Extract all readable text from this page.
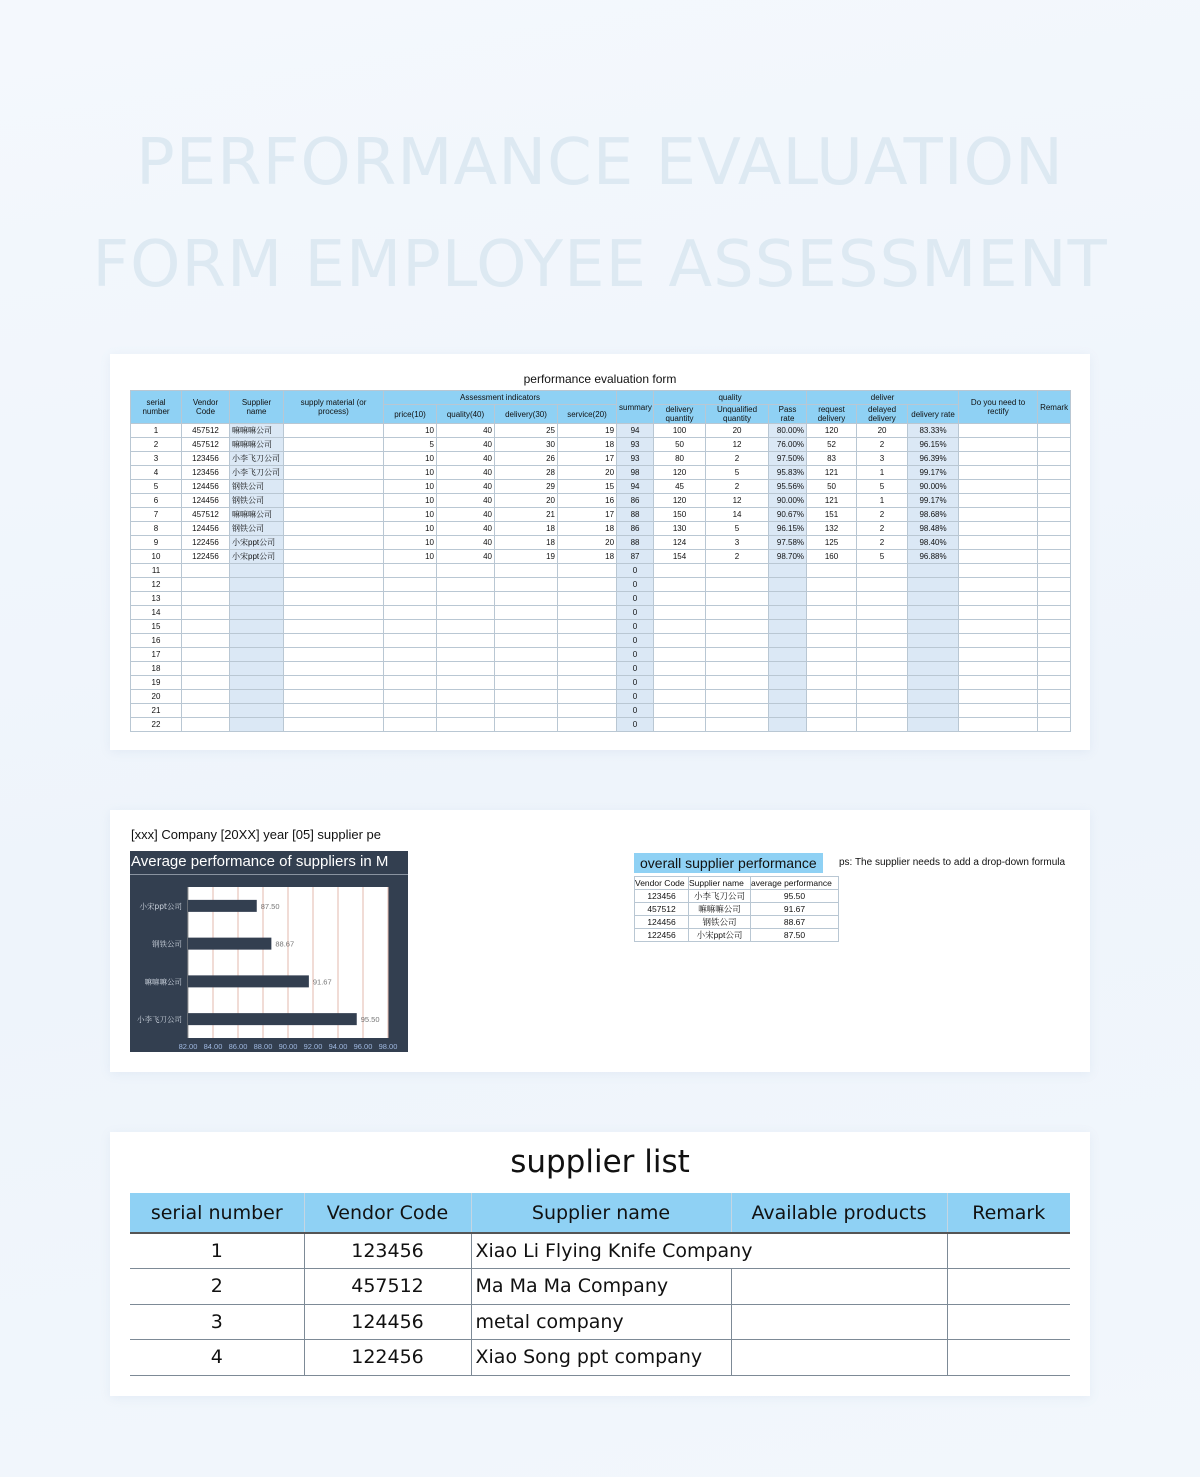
PERFORMANCE EVALUATION
FORM EMPLOYEE ASSESSMENT
performance evaluation form
serial number	Vendor Code	Supplier name	supply material (or process)	Assessment indicators				summary	quality			deliver			Do you need to rectify	Remark
				price(10)	quality(40)	delivery(30)	service(20)		delivery quantity	Unqualified quantity	Pass rate	request delivery	delayed delivery	delivery rate		
1	457512	嘛嘛嘛公司		10	40	25	19	94	100	20	80.00%	120	20	83.33%		
2	457512	嘛嘛嘛公司		5	40	30	18	93	50	12	76.00%	52	2	96.15%		
3	123456	小李飞刀公司		10	40	26	17	93	80	2	97.50%	83	3	96.39%		
4	123456	小李飞刀公司		10	40	28	20	98	120	5	95.83%	121	1	99.17%		
5	124456	钢铁公司		10	40	29	15	94	45	2	95.56%	50	5	90.00%		
6	124456	钢铁公司		10	40	20	16	86	120	12	90.00%	121	1	99.17%		
7	457512	嘛嘛嘛公司		10	40	21	17	88	150	14	90.67%	151	2	98.68%		
8	124456	钢铁公司		10	40	18	18	86	130	5	96.15%	132	2	98.48%		
9	122456	小宋ppt公司		10	40	18	20	88	124	3	97.58%	125	2	98.40%		
10	122456	小宋ppt公司		10	40	19	18	87	154	2	98.70%	160	5	96.88%		
11								0								
12								0								
13								0								
14								0								
15								0								
16								0								
17								0								
18								0								
19								0								
20								0								
21								0								
22								0								
[xxx] Company [20XX] year [05] supplier pe
Average performance of suppliers in M
82.00 84.00 86.00 88.00 90.00 92.00 94.00 96.00 98.00
小宋ppt公司	87.50
钢铁公司	88.67
嘛嘛嘛公司	91.67
小李飞刀公司	95.50
overall supplier performance	ps: The supplier needs to add a drop-down formula
Vendor Code	Supplier name	average performance
123456	小李飞刀公司	95.50
457512	嘛嘛嘛公司	91.67
124456	钢铁公司	88.67
122456	小宋ppt公司	87.50
supplier list
serial number	Vendor Code	Supplier name	Available products	Remark
1	123456	Xiao Li Flying Knife Company		
2	457512	Ma Ma Ma Company		
3	124456	metal company		
4	122456	Xiao Song ppt company		
